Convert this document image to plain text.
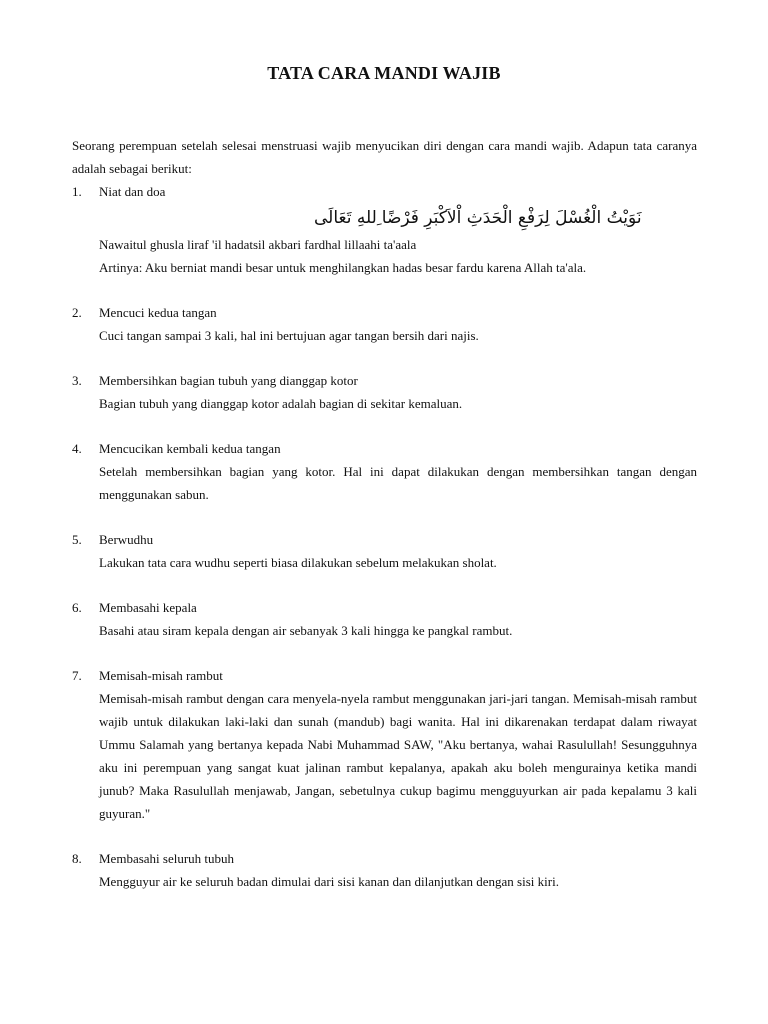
TATA CARA MANDI WAJIB

Seorang perempuan setelah selesai menstruasi wajib menyucikan diri dengan cara mandi wajib. Adapun tata caranya adalah sebagai berikut:

1.	Niat dan doa
نَوَيْتُ الْغُسْلَ لِرَفْعِ الْحَدَثِ اْلاَكْبَرِ فَرْضًا ِللهِ تَعَالَى
Nawaitul ghusla liraf 'il hadatsil akbari fardhal lillaahi ta'aala
Artinya: Aku berniat mandi besar untuk menghilangkan hadas besar fardu karena Allah ta'ala.
2.	Mencuci kedua tangan
Cuci tangan sampai 3 kali, hal ini bertujuan agar tangan bersih dari najis.
3.	Membersihkan bagian tubuh yang dianggap kotor
Bagian tubuh yang dianggap kotor adalah bagian di sekitar kemaluan.
4.	Mencucikan kembali kedua tangan
Setelah membersihkan bagian yang kotor. Hal ini dapat dilakukan dengan membersihkan tangan dengan menggunakan sabun.
5.	Berwudhu
Lakukan tata cara wudhu seperti biasa dilakukan sebelum melakukan sholat.
6.	Membasahi kepala
Basahi atau siram kepala dengan air sebanyak 3 kali hingga ke pangkal rambut.
7.	Memisah-misah rambut
Memisah-misah rambut dengan cara menyela-nyela rambut menggunakan jari-jari tangan. Memisah-misah rambut wajib untuk dilakukan laki-laki dan sunah (mandub) bagi wanita. Hal ini dikarenakan terdapat dalam riwayat Ummu Salamah yang bertanya kepada Nabi Muhammad SAW, "Aku bertanya, wahai Rasulullah! Sesungguhnya aku ini perempuan yang sangat kuat jalinan rambut kepalanya, apakah aku boleh mengurainya ketika mandi junub? Maka Rasulullah menjawab, Jangan, sebetulnya cukup bagimu mengguyurkan air pada kepalamu 3 kali guyuran."
8.	Membasahi seluruh tubuh
Mengguyur air ke seluruh badan dimulai dari sisi kanan dan dilanjutkan dengan sisi kiri.
